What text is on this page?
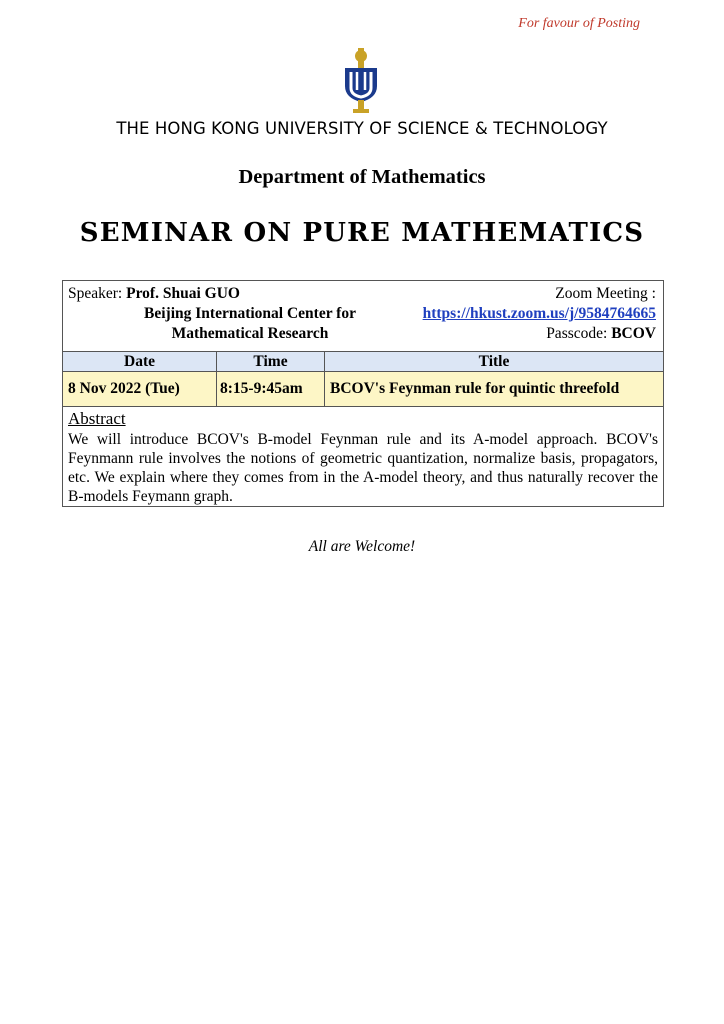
For favour of Posting
THE HONG KONG UNIVERSITY OF SCIENCE & TECHNOLOGY
Department of Mathematics
SEMINAR ON PURE MATHEMATICS
Speaker: Prof. Shuai GUO
Beijing International Center for
Mathematical Research
Zoom Meeting :
https://hkust.zoom.us/j/9584764665
Passcode: BCOV
Date	Time	Title
8 Nov 2022 (Tue)	8:15-9:45am	BCOV's Feynman rule for quintic threefold
Abstract
We will introduce BCOV's B-model Feynman rule and its A-model approach. BCOV's Feynmann rule involves the notions of geometric quantization, normalize basis, propagators, etc. We explain where they comes from in the A-model theory, and thus naturally recover the B-models Feymann graph.
All are Welcome!
